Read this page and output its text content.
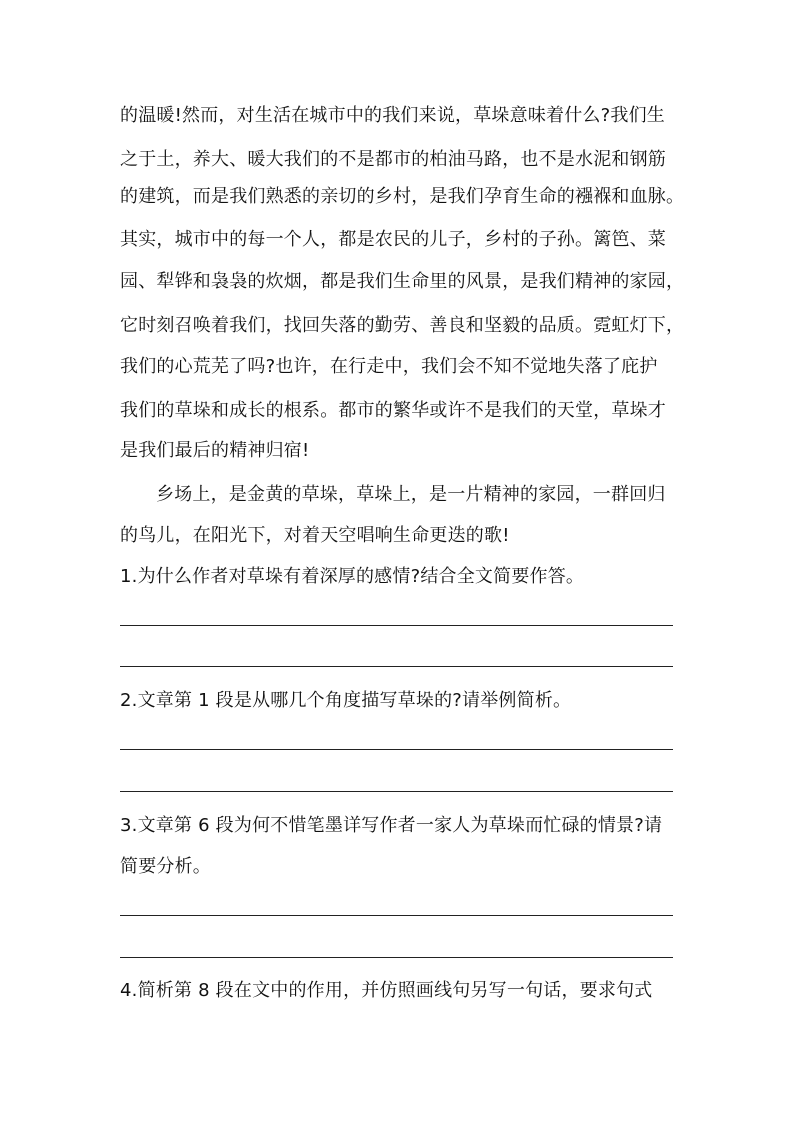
的温暖!然而，对生活在城市中的我们来说，草垛意味着什么?我们生
之于土，养大、暖大我们的不是都市的柏油马路，也不是水泥和钢筋
的建筑，而是我们熟悉的亲切的乡村，是我们孕育生命的襁褓和血脉。
其实，城市中的每一个人，都是农民的儿子，乡村的子孙。篱笆、菜
园、犁铧和袅袅的炊烟，都是我们生命里的风景，是我们精神的家园，
它时刻召唤着我们，找回失落的勤劳、善良和坚毅的品质。霓虹灯下，
我们的心荒芜了吗?也许，在行走中，我们会不知不觉地失落了庇护
我们的草垛和成长的根系。都市的繁华或许不是我们的天堂，草垛才
是我们最后的精神归宿!
乡场上，是金黄的草垛，草垛上，是一片精神的家园，一群回归
的鸟儿，在阳光下，对着天空唱响生命更迭的歌!
1.为什么作者对草垛有着深厚的感情?结合全文简要作答。
2.文章第 1 段是从哪几个角度描写草垛的?请举例简析。
3.文章第 6 段为何不惜笔墨详写作者一家人为草垛而忙碌的情景?请
简要分析。
4.简析第 8 段在文中的作用，并仿照画线句另写一句话，要求句式
